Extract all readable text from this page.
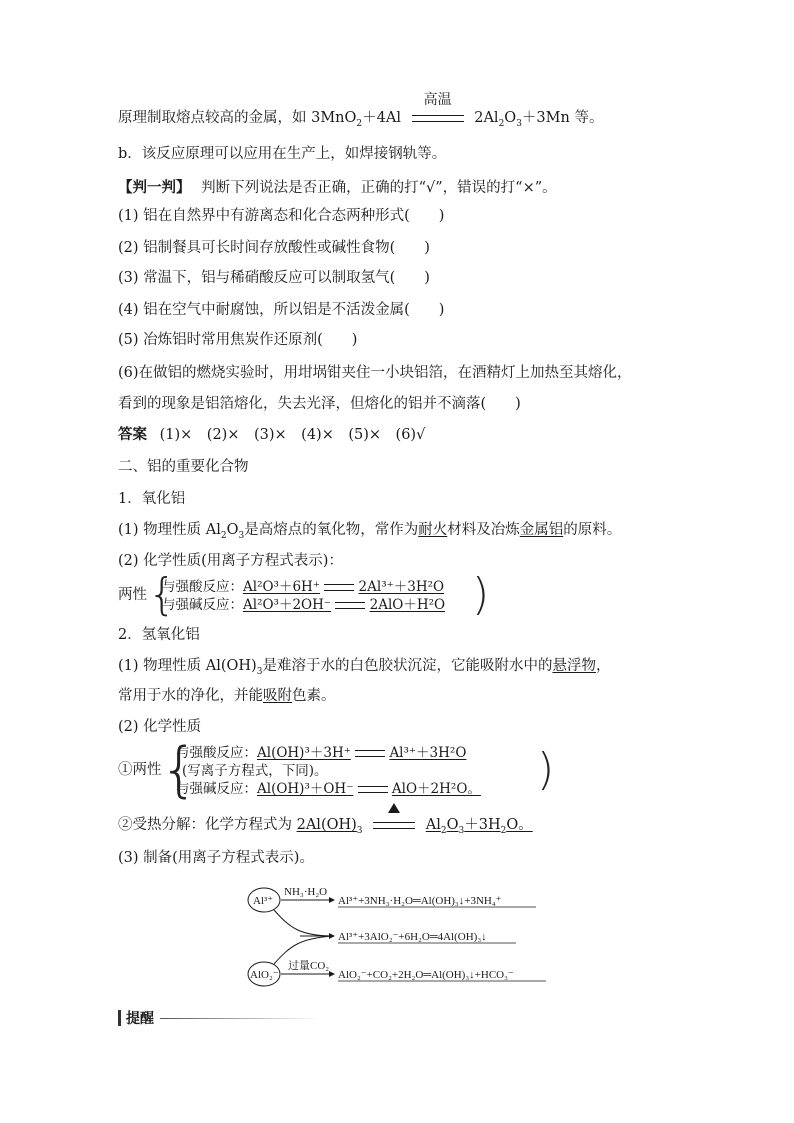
原理制取熔点较高的金属，如 3MnO$_2$＋4Al
高温
$2Al_2O_3+3Mn$ 等。
b．该反应原理可以应用在生产上，如焊接钢轨等。
【判一判】 判断下列说法是否正确，正确的打“√”，错误的打“×”。
(1) 铝在自然界中有游离态和化合态两种形式(　　)
(2) 铝制餐具可长时间存放酸性或碱性食物(　　)
(3) 常温下，铝与稀硝酸反应可以制取氢气(　　)
(4) 铝在空气中耐腐蚀，所以铝是不活泼金属(　　)
(5) 冶炼铝时常用焦炭作还原剂(　　)
(6)在做铝的燃烧实验时，用坩埚钳夹住一小块铝箔，在酒精灯上加热至其熔化，
看到的现象是铝箔熔化，失去光泽，但熔化的铝并不滴落(　　)
答案 (1)×　(2)×　(3)×　(4)×　(5)×　(6)√
二、铝的重要化合物
1．氧化铝
(1) 物理性质 $Al_2O_3$是高熔点的氧化物，常作为耐火材料及冶炼金属铝的原料。
(2) 化学性质(用离子方程式表示)：
两性 {
与强酸反应：Al²O³＋6H⁺	2Al³⁺＋3H²O
与强碱反应：Al²O³＋2OH⁻	2AlO＋H²O )
2．氢氧化铝
(1) 物理性质 $Al(OH)_3$是难溶于水的白色胶状沉淀，它能吸附水中的悬浮物，
常用于水的净化，并能吸附色素。
(2) 化学性质
①两性
{
与强酸反应：Al(OH)³＋3H⁺	Al³⁺＋3H²O
(写离子方程式，下同)。
与强碱反应：Al(OH)³＋OH⁻	AlO＋2H²O。 )
②受热分解：化学方程式为 $2Al(OH)_3$	$Al_2O_3+3H_2O$。
(3) 制备(用离子方程式表示)。
Al³⁺
AlO₂⁻
NH₃·H₂O
Al³⁺+3NH₃·H₂O═Al(OH)₃↓+3NH₄⁺
Al³⁺+3AlO₂⁻+6H₂O═4Al(OH)₃↓
过量CO₂
AlO₂⁻+CO₂+2H₂O═Al(OH)₃↓+HCO₃⁻
提醒
